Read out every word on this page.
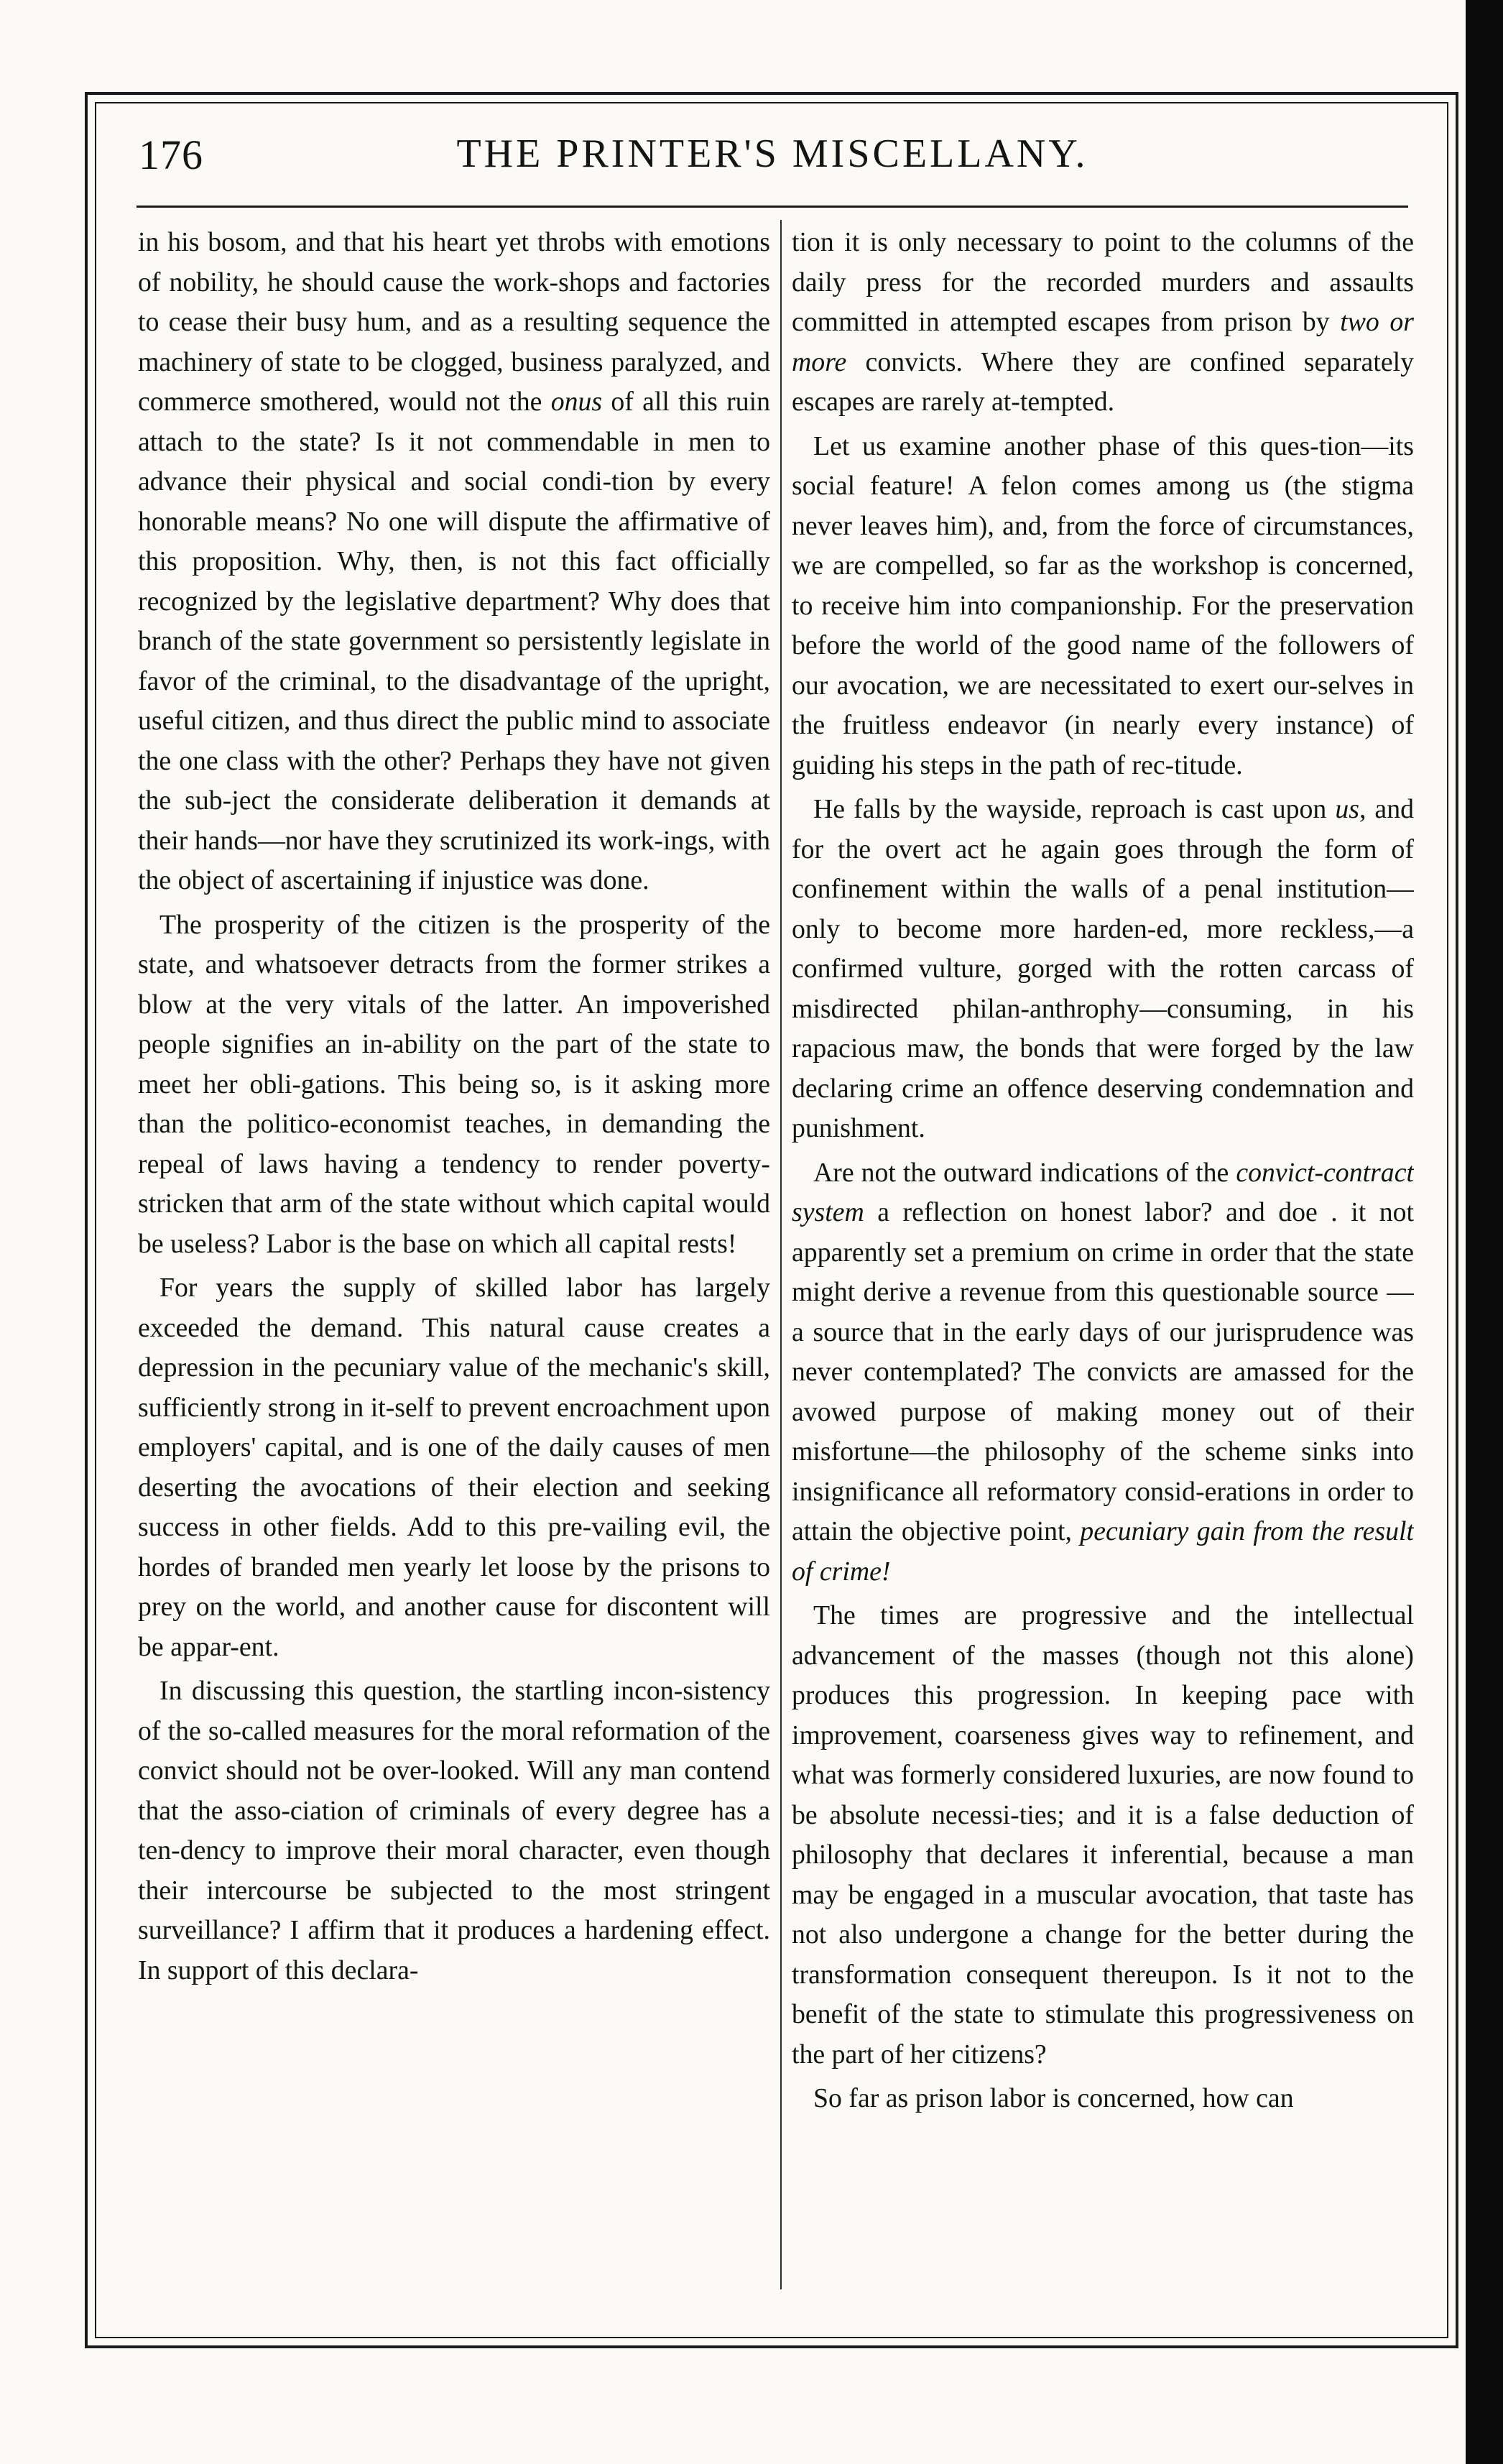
176	THE PRINTER'S MISCELLANY.

in his bosom, and that his heart yet throbs with emotions of nobility, he should cause the work-shops and factories to cease their busy hum, and as a resulting sequence the machinery of state to be clogged, business paralyzed, and commerce smothered, would not the onus of all this ruin attach to the state? Is it not commendable in men to advance their physical and social condi-tion by every honorable means? No one will dispute the affirmative of this proposition. Why, then, is not this fact officially recognized by the legislative department? Why does that branch of the state government so persistently legislate in favor of the criminal, to the disadvantage of the upright, useful citizen, and thus direct the public mind to associate the one class with the other? Perhaps they have not given the sub-ject the considerate deliberation it demands at their hands—nor have they scrutinized its work-ings, with the object of ascertaining if injustice was done.

The prosperity of the citizen is the prosperity of the state, and whatsoever detracts from the former strikes a blow at the very vitals of the latter. An impoverished people signifies an in-ability on the part of the state to meet her obli-gations. This being so, is it asking more than the politico-economist teaches, in demanding the repeal of laws having a tendency to render poverty-stricken that arm of the state without which capital would be useless? Labor is the base on which all capital rests!

For years the supply of skilled labor has largely exceeded the demand. This natural cause creates a depression in the pecuniary value of the mechanic's skill, sufficiently strong in it-self to prevent encroachment upon employers' capital, and is one of the daily causes of men deserting the avocations of their election and seeking success in other fields. Add to this pre-vailing evil, the hordes of branded men yearly let loose by the prisons to prey on the world, and another cause for discontent will be appar-ent.

In discussing this question, the startling incon-sistency of the so-called measures for the moral reformation of the convict should not be over-looked. Will any man contend that the asso-ciation of criminals of every degree has a ten-dency to improve their moral character, even though their intercourse be subjected to the most stringent surveillance? I affirm that it produces a hardening effect. In support of this declara-

tion it is only necessary to point to the columns of the daily press for the recorded murders and assaults committed in attempted escapes from prison by two or more convicts. Where they are confined separately escapes are rarely at-tempted.

Let us examine another phase of this ques-tion—its social feature! A felon comes among us (the stigma never leaves him), and, from the force of circumstances, we are compelled, so far as the workshop is concerned, to receive him into companionship. For the preservation before the world of the good name of the followers of our avocation, we are necessitated to exert our-selves in the fruitless endeavor (in nearly every instance) of guiding his steps in the path of rec-titude.

He falls by the wayside, reproach is cast upon us, and for the overt act he again goes through the form of confinement within the walls of a penal institution—only to become more harden-ed, more reckless,—a confirmed vulture, gorged with the rotten carcass of misdirected philan-anthrophy—consuming, in his rapacious maw, the bonds that were forged by the law declaring crime an offence deserving condemnation and punishment.

Are not the outward indications of the convict-contract system a reflection on honest labor? and doe . it not apparently set a premium on crime in order that the state might derive a revenue from this questionable source —a source that in the early days of our jurisprudence was never contemplated? The convicts are amassed for the avowed purpose of making money out of their misfortune—the philosophy of the scheme sinks into insignificance all reformatory consid-erations in order to attain the objective point, pecuniary gain from the result of crime!

The times are progressive and the intellectual advancement of the masses (though not this alone) produces this progression. In keeping pace with improvement, coarseness gives way to refinement, and what was formerly considered luxuries, are now found to be absolute necessi-ties; and it is a false deduction of philosophy that declares it inferential, because a man may be engaged in a muscular avocation, that taste has not also undergone a change for the better during the transformation consequent thereupon. Is it not to the benefit of the state to stimulate this progressiveness on the part of her citizens?

So far as prison labor is concerned, how can
